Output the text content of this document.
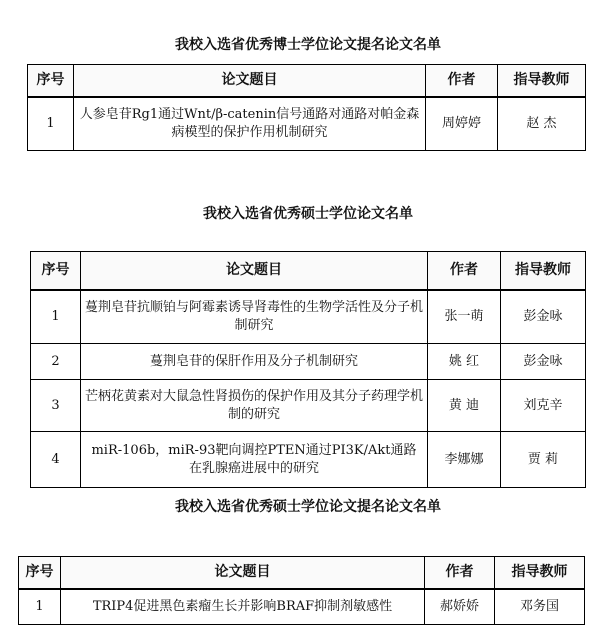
我校入选省优秀博士学位论文提名论文名单
序号	论文题目	作者	指导教师
1	人参皂苷Rg1通过Wnt/β-catenin信号通路对通路对帕金森病模型的保护作用机制研究	周婷婷	赵 杰
我校入选省优秀硕士学位论文名单
序号	论文题目	作者	指导教师
1	蔓荆皂苷抗顺铂与阿霉素诱导肾毒性的生物学活性及分子机制研究	张一萌	彭金咏
2	蔓荆皂苷的保肝作用及分子机制研究	姚 红	彭金咏
3	芒柄花黄素对大鼠急性肾损伤的保护作用及其分子药理学机制的研究	黄 迪	刘克辛
4	miR-106b，miR-93靶向调控PTEN通过PI3K/Akt通路在乳腺癌进展中的研究	李娜娜	贾 莉
我校入选省优秀硕士学位论文提名论文名单
序号	论文题目	作者	指导教师
1	TRIP4促进黑色素瘤生长并影响BRAF抑制剂敏感性	郝娇娇	邓务国
